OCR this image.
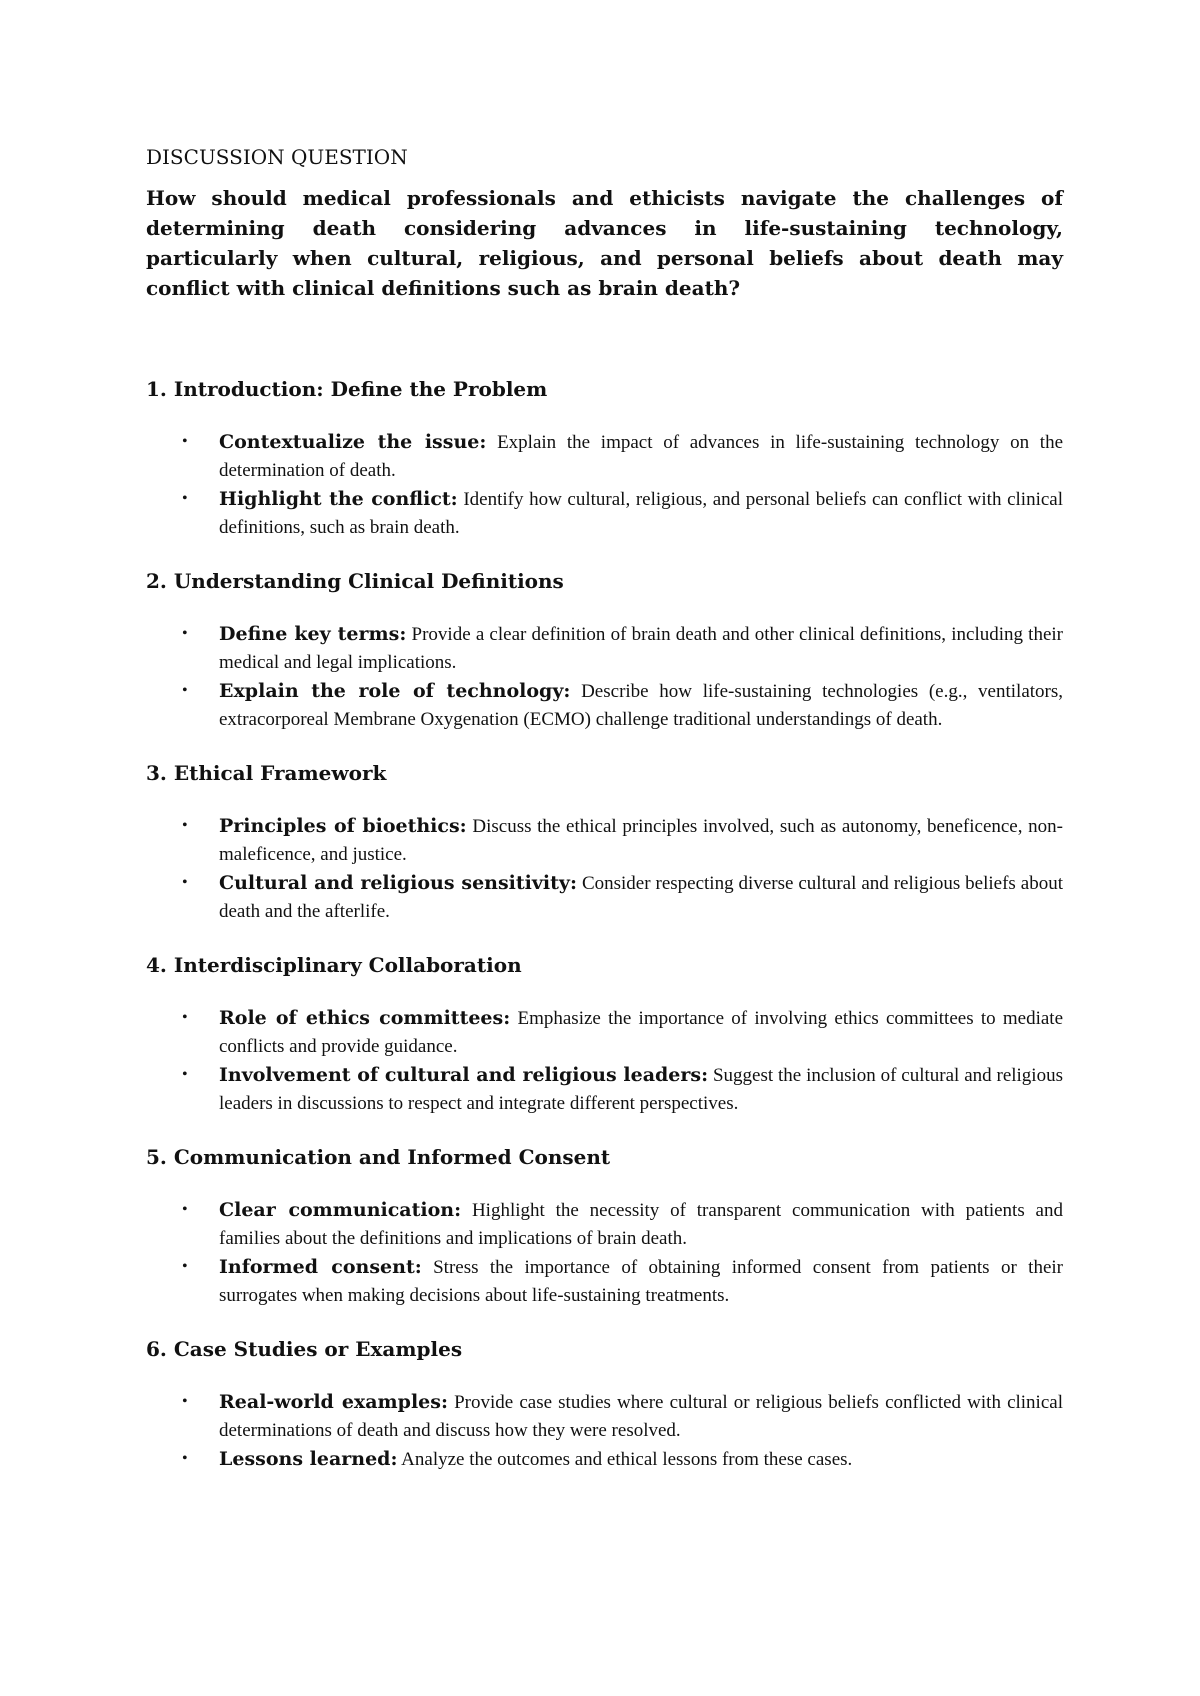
DISCUSSION QUESTION

How should medical professionals and ethicists navigate the challenges of determining death considering advances in life-sustaining technology, particularly when cultural, religious, and personal beliefs about death may conflict with clinical definitions such as brain death?

1. Introduction: Define the Problem

• Contextualize the issue: Explain the impact of advances in life-sustaining technology on the determination of death.
• Highlight the conflict: Identify how cultural, religious, and personal beliefs can conflict with clinical definitions, such as brain death.

2. Understanding Clinical Definitions

• Define key terms: Provide a clear definition of brain death and other clinical definitions, including their medical and legal implications.
• Explain the role of technology: Describe how life-sustaining technologies (e.g., ventilators, extracorporeal Membrane Oxygenation (ECMO) challenge traditional understandings of death.

3. Ethical Framework

• Principles of bioethics: Discuss the ethical principles involved, such as autonomy, beneficence, non-maleficence, and justice.
• Cultural and religious sensitivity: Consider respecting diverse cultural and religious beliefs about death and the afterlife.

4. Interdisciplinary Collaboration

• Role of ethics committees: Emphasize the importance of involving ethics committees to mediate conflicts and provide guidance.
• Involvement of cultural and religious leaders: Suggest the inclusion of cultural and religious leaders in discussions to respect and integrate different perspectives.

5. Communication and Informed Consent

• Clear communication: Highlight the necessity of transparent communication with patients and families about the definitions and implications of brain death.
• Informed consent: Stress the importance of obtaining informed consent from patients or their surrogates when making decisions about life-sustaining treatments.

6. Case Studies or Examples

• Real-world examples: Provide case studies where cultural or religious beliefs conflicted with clinical determinations of death and discuss how they were resolved.
• Lessons learned: Analyze the outcomes and ethical lessons from these cases.
